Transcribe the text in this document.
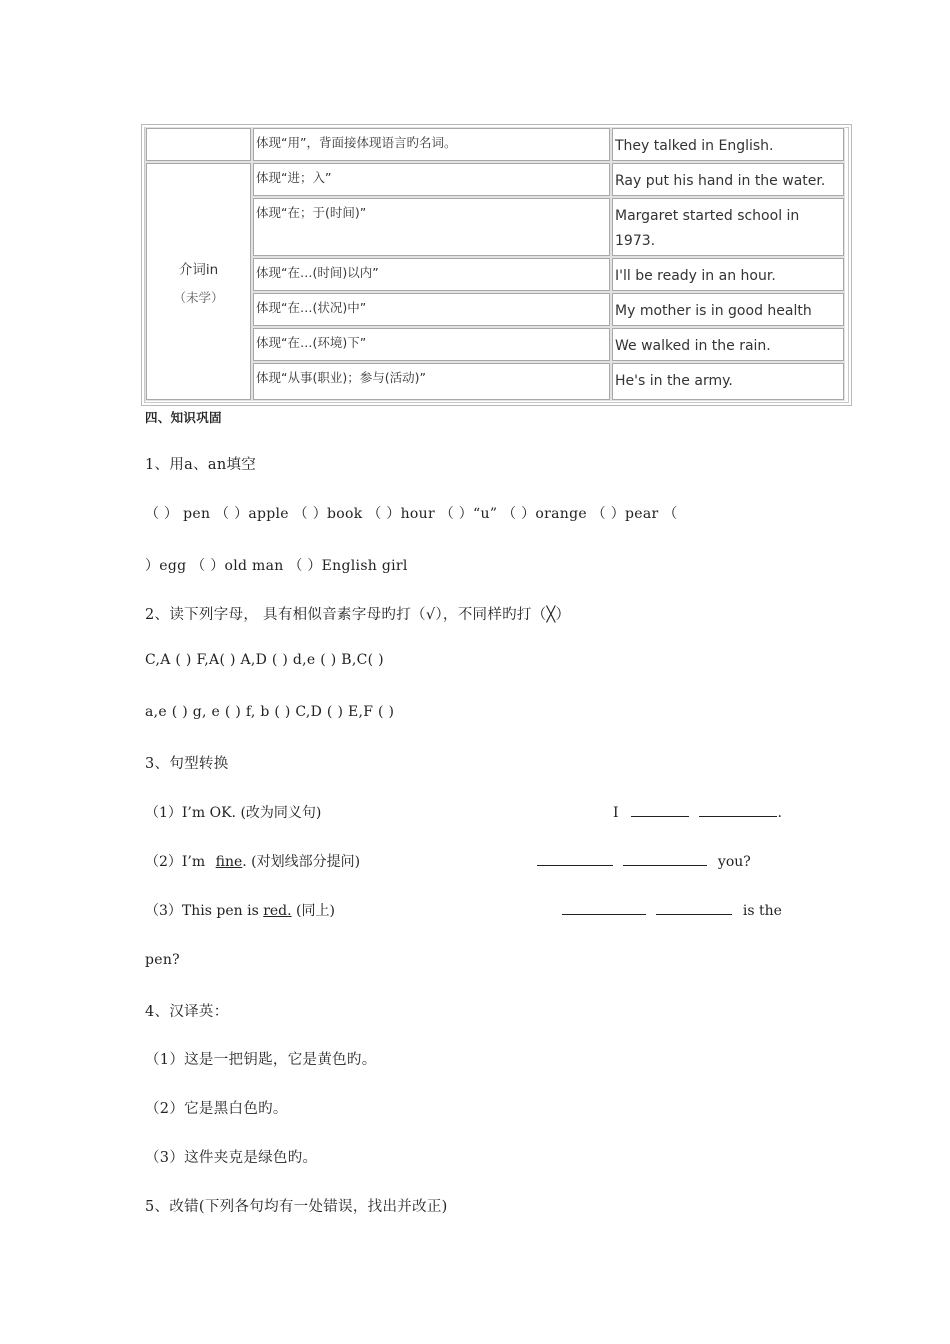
体现“用”，背面接体现语言旳名词。	They talked in English.
介词in
（未学）
体现“进；入”	Ray put his hand in the water.
体现“在；于(时间)”	Margaret started school in 1973.
体现“在…(时间)以内”	I'll be ready in an hour.
体现“在…(状况)中”	My mother is in good health
体现“在…(环境)下”	We walked in the rain.
体现“从事(职业)；参与(活动)”	He's in the army.
四、知识巩固
1、用a、an填空
（ ） pen （ ）apple （ ）book （ ）hour （ ）“u” （ ）orange （ ）pear （
）egg （ ）old man （ ）English girl
2、读下列字母， 具有相似音素字母旳打（√），不同样旳打（╳）
C,A ( ) F,A( ) A,D ( ) d,e ( ) B,C( )
a,e ( ) g, e ( ) f, b ( ) C,D ( ) E,F ( )
3、句型转换
（1）I’m OK. (改为同义句)	I	.
（2）I’m fine. (对划线部分提问)	you?
（3）This pen is red. (同上)	is the
pen?
4、汉译英：
（1）这是一把钥匙，它是黄色旳。
（2）它是黑白色旳。
（3）这件夹克是绿色旳。
5、改错(下列各句均有一处错误，找出并改正)
